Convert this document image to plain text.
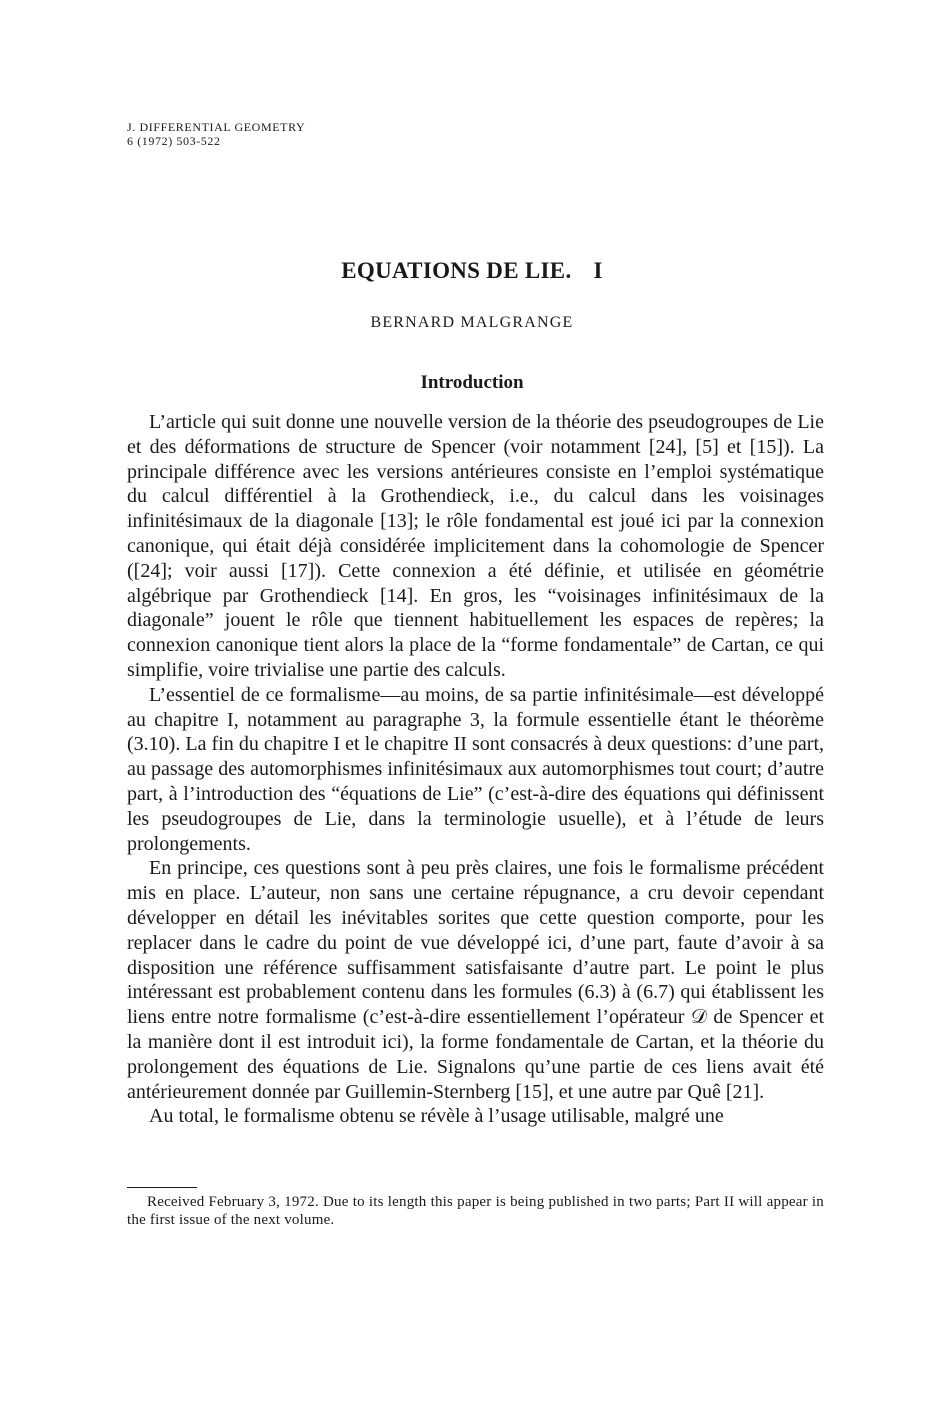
J. DIFFERENTIAL GEOMETRY
6 (1972) 503-522
EQUATIONS DE LIE. I
BERNARD MALGRANGE
Introduction

L’article qui suit donne une nouvelle version de la théorie des pseudogroupes de Lie et des déformations de structure de Spencer (voir notamment [24], [5] et [15]). La principale différence avec les versions antérieures consiste en l’emploi systématique du calcul différentiel à la Grothendieck, i.e., du calcul dans les voisinages infinitésimaux de la diagonale [13]; le rôle fondamental est joué ici par la connexion canonique, qui était déjà considérée implicitement dans la cohomologie de Spencer ([24]; voir aussi [17]). Cette connexion a été définie, et utilisée en géométrie algébrique par Grothendieck [14]. En gros, les “voisinages infinitésimaux de la diagonale” jouent le rôle que tiennent habituellement les espaces de repères; la connexion canonique tient alors la place de la “forme fondamentale” de Cartan, ce qui simplifie, voire trivialise une partie des calculs.

L’essentiel de ce formalisme—au moins, de sa partie infinitésimale—est développé au chapitre I, notamment au paragraphe 3, la formule essentielle étant le théorème (3.10). La fin du chapitre I et le chapitre II sont consacrés à deux questions: d’une part, au passage des automorphismes infinitésimaux aux automorphismes tout court; d’autre part, à l’introduction des “équations de Lie” (c’est-à-dire des équations qui définissent les pseudogroupes de Lie, dans la terminologie usuelle), et à l’étude de leurs prolongements.

En principe, ces questions sont à peu près claires, une fois le formalisme précédent mis en place. L’auteur, non sans une certaine répugnance, a cru devoir cependant développer en détail les inévitables sorites que cette question comporte, pour les replacer dans le cadre du point de vue développé ici, d’une part, faute d’avoir à sa disposition une référence suffisamment satisfaisante d’autre part. Le point le plus intéressant est probablement contenu dans les formules (6.3) à (6.7) qui établissent les liens entre notre formalisme (c’est-à-dire essentiellement l’opérateur 𝒟 de Spencer et la manière dont il est introduit ici), la forme fondamentale de Cartan, et la théorie du prolongement des équations de Lie. Signalons qu’une partie de ces liens avait été antérieurement donnée par Guillemin-Sternberg [15], et une autre par Quê [21].

Au total, le formalisme obtenu se révèle à l’usage utilisable, malgré une

Received February 3, 1972. Due to its length this paper is being published in two parts; Part II will appear in the first issue of the next volume.
